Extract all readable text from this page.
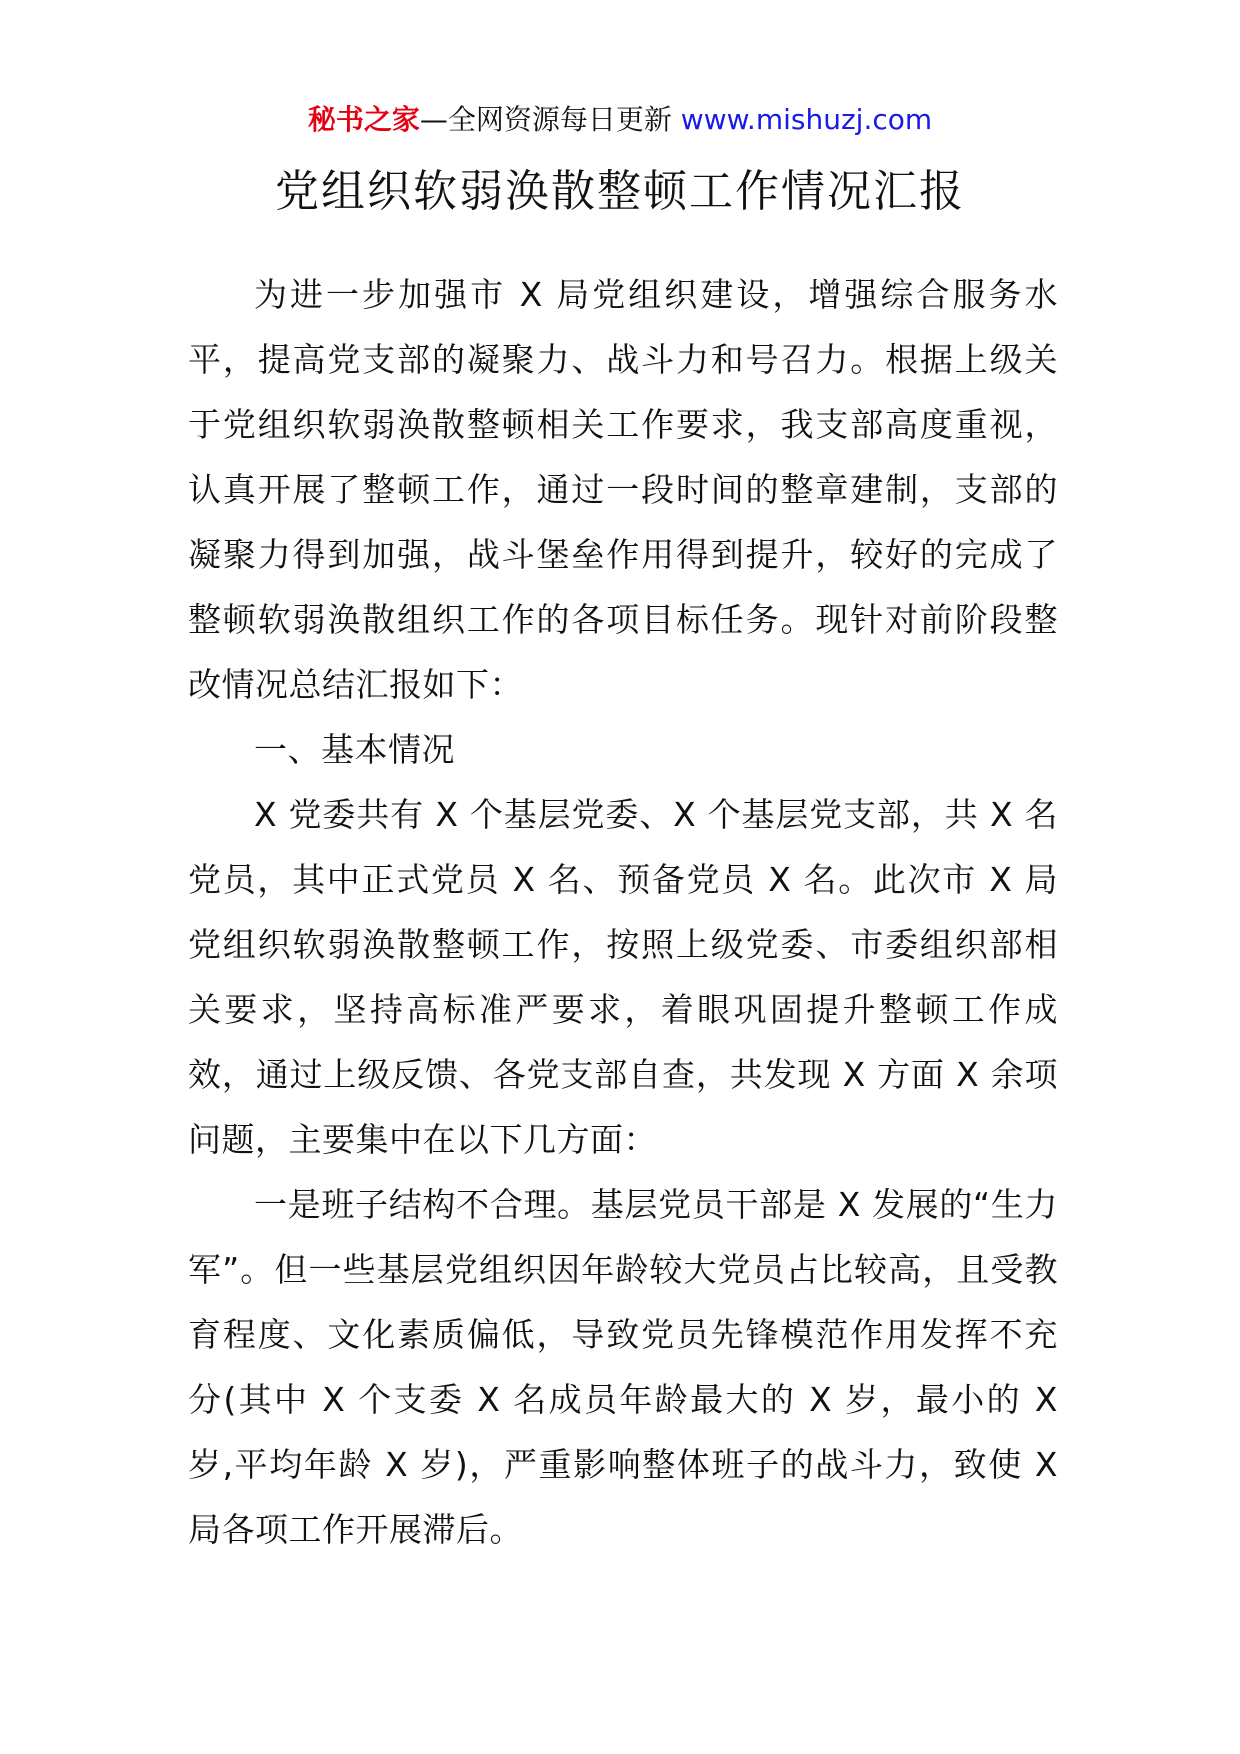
秘书之家—全网资源每日更新 www.mishuzj.com
党组织软弱涣散整顿工作情况汇报

为进一步加强市 X 局党组织建设，增强综合服务水平，提高党支部的凝聚力、战斗力和号召力。根据上级关于党组织软弱涣散整顿相关工作要求，我支部高度重视，认真开展了整顿工作，通过一段时间的整章建制，支部的凝聚力得到加强，战斗堡垒作用得到提升，较好的完成了整顿软弱涣散组织工作的各项目标任务。现针对前阶段整改情况总结汇报如下：

一、基本情况

X 党委共有 X 个基层党委、X 个基层党支部，共 X 名党员，其中正式党员 X 名、预备党员 X 名。此次市 X 局党组织软弱涣散整顿工作，按照上级党委、市委组织部相关要求，坚持高标准严要求，着眼巩固提升整顿工作成效，通过上级反馈、各党支部自查，共发现 X 方面 X 余项问题，主要集中在以下几方面：

一是班子结构不合理。基层党员干部是 X 发展的“生力军”。但一些基层党组织因年龄较大党员占比较高，且受教育程度、文化素质偏低，导致党员先锋模范作用发挥不充分(其中 X 个支委 X 名成员年龄最大的 X 岁，最小的 X 岁,平均年龄 X 岁)，严重影响整体班子的战斗力，致使 X 局各项工作开展滞后。
